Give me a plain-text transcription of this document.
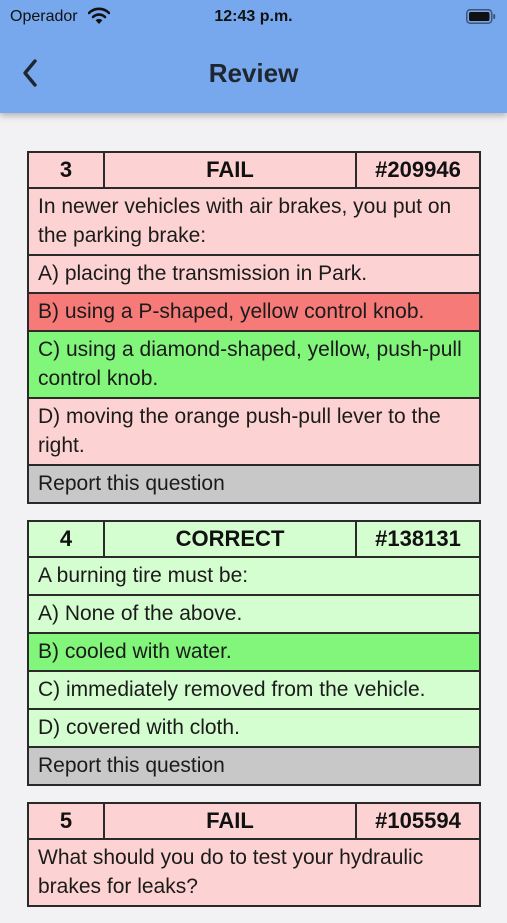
Operador	12:43 p.m.
Review
3	FAIL	#209946
In newer vehicles with air brakes, you put on the parking brake:
A) placing the transmission in Park.
B) using a P-shaped, yellow control knob.
C) using a diamond-shaped, yellow, push-pull control knob.
D) moving the orange push-pull lever to the right.
Report this question
4	CORRECT	#138131
A burning tire must be:
A) None of the above.
B) cooled with water.
C) immediately removed from the vehicle.
D) covered with cloth.
Report this question
5	FAIL	#105594
What should you do to test your hydraulic brakes for leaks?
